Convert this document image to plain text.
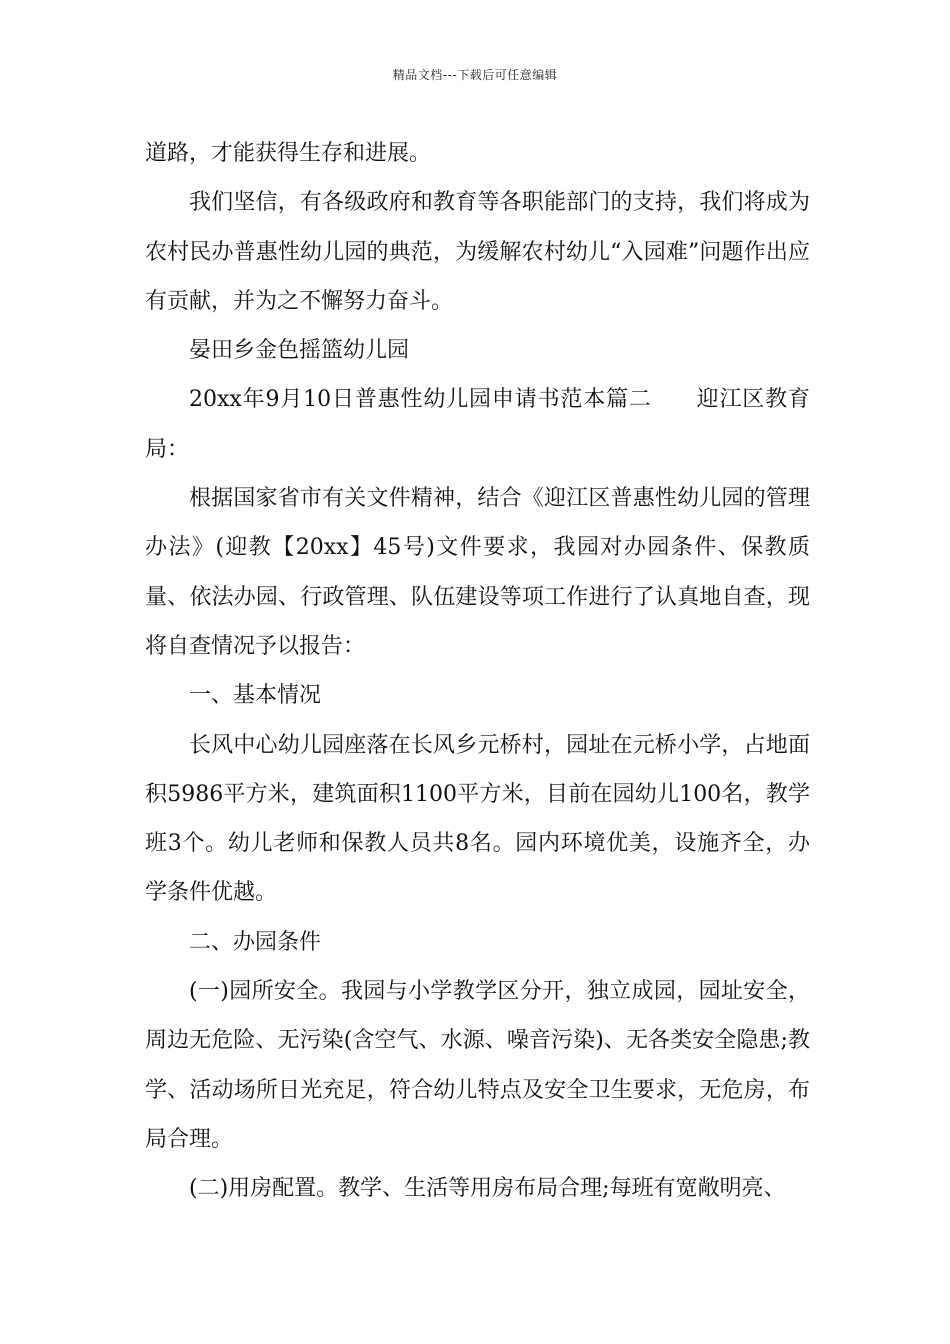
精品文档---下载后可任意编辑

道路，才能获得生存和进展。

我们坚信，有各级政府和教育等各职能部门的支持，我们将成为农村民办普惠性幼儿园的典范，为缓解农村幼儿“入园难”问题作出应有贡献，并为之不懈努力奋斗。

晏田乡金色摇篮幼儿园

20xx年9月10日普惠性幼儿园申请书范本篇二 迎江区教育局：

根据国家省市有关文件精神，结合《迎江区普惠性幼儿园的管理办法》(迎教【20xx】45号)文件要求，我园对办园条件、保教质量、依法办园、行政管理、队伍建设等项工作进行了认真地自查，现将自查情况予以报告：

一、基本情况

长风中心幼儿园座落在长风乡元桥村，园址在元桥小学，占地面积5986平方米，建筑面积1100平方米，目前在园幼儿100名，教学班3个。幼儿老师和保教人员共8名。园内环境优美，设施齐全，办学条件优越。

二、办园条件

(一)园所安全。我园与小学教学区分开，独立成园，园址安全，周边无危险、无污染(含空气、水源、噪音污染)、无各类安全隐患;教学、活动场所日光充足，符合幼儿特点及安全卫生要求，无危房，布局合理。

(二)用房配置。教学、生活等用房布局合理;每班有宽敞明亮、
